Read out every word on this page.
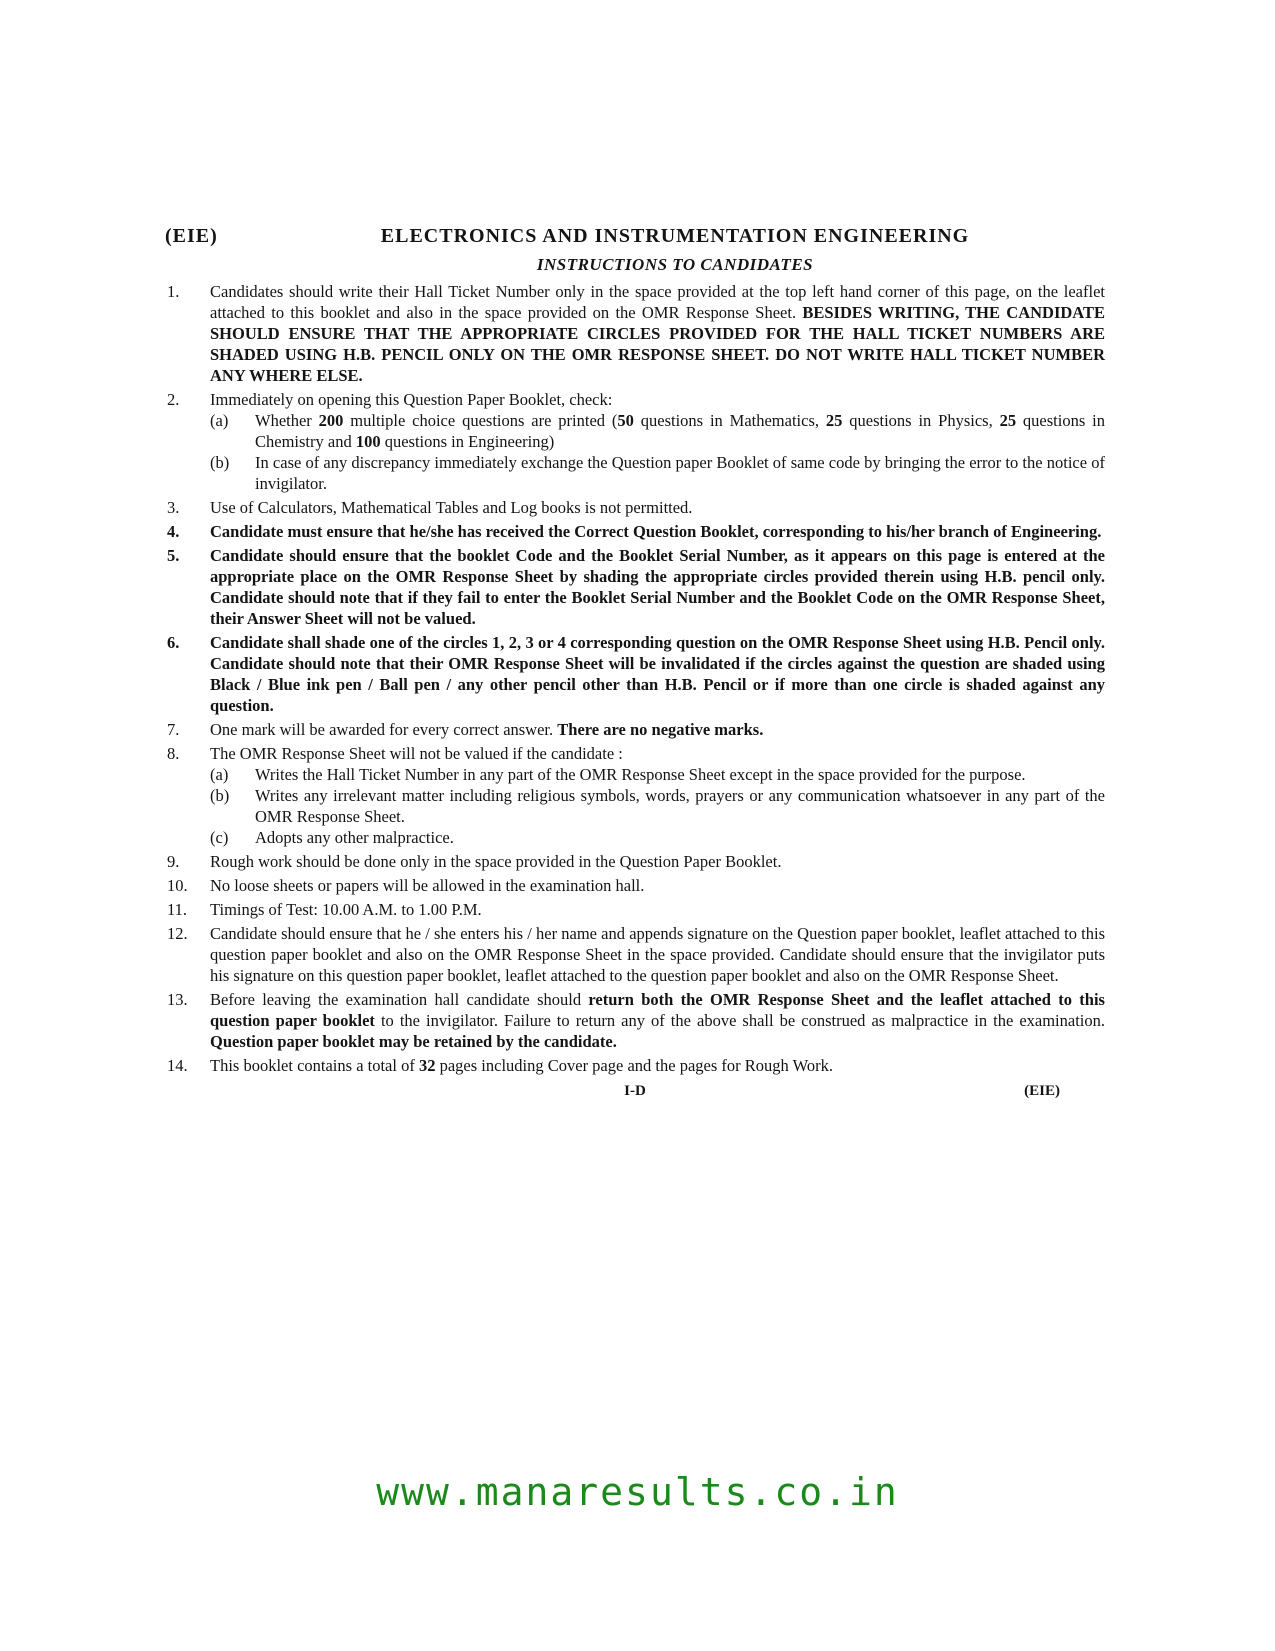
(EIE)	ELECTRONICS AND INSTRUMENTATION ENGINEERING
INSTRUCTIONS TO CANDIDATES
1.	Candidates should write their Hall Ticket Number only in the space provided at the top left hand corner of this page, on the leaflet attached to this booklet and also in the space provided on the OMR Response Sheet. BESIDES WRITING, THE CANDIDATE SHOULD ENSURE THAT THE APPROPRIATE CIRCLES PROVIDED FOR THE HALL TICKET NUMBERS ARE SHADED USING H.B. PENCIL ONLY ON THE OMR RESPONSE SHEET. DO NOT WRITE HALL TICKET NUMBER ANY WHERE ELSE.
2.	Immediately on opening this Question Paper Booklet, check:
(a)	Whether 200 multiple choice questions are printed (50 questions in Mathematics, 25 questions in Physics, 25 questions in Chemistry and 100 questions in Engineering)
(b)	In case of any discrepancy immediately exchange the Question paper Booklet of same code by bringing the error to the notice of invigilator.
3.	Use of Calculators, Mathematical Tables and Log books is not permitted.
4.	Candidate must ensure that he/she has received the Correct Question Booklet, corresponding to his/her branch of Engineering.
5.	Candidate should ensure that the booklet Code and the Booklet Serial Number, as it appears on this page is entered at the appropriate place on the OMR Response Sheet by shading the appropriate circles provided therein using H.B. pencil only. Candidate should note that if they fail to enter the Booklet Serial Number and the Booklet Code on the OMR Response Sheet, their Answer Sheet will not be valued.
6.	Candidate shall shade one of the circles 1, 2, 3 or 4 corresponding question on the OMR Response Sheet using H.B. Pencil only. Candidate should note that their OMR Response Sheet will be invalidated if the circles against the question are shaded using Black / Blue ink pen / Ball pen / any other pencil other than H.B. Pencil or if more than one circle is shaded against any question.
7.	One mark will be awarded for every correct answer. There are no negative marks.
8.	The OMR Response Sheet will not be valued if the candidate :
(a)	Writes the Hall Ticket Number in any part of the OMR Response Sheet except in the space provided for the purpose.
(b)	Writes any irrelevant matter including religious symbols, words, prayers or any communication whatsoever in any part of the OMR Response Sheet.
(c)	Adopts any other malpractice.
9.	Rough work should be done only in the space provided in the Question Paper Booklet.
10.	No loose sheets or papers will be allowed in the examination hall.
11.	Timings of Test: 10.00 A.M. to 1.00 P.M.
12.	Candidate should ensure that he / she enters his / her name and appends signature on the Question paper booklet, leaflet attached to this question paper booklet and also on the OMR Response Sheet in the space provided. Candidate should ensure that the invigilator puts his signature on this question paper booklet, leaflet attached to the question paper booklet and also on the OMR Response Sheet.
13.	Before leaving the examination hall candidate should return both the OMR Response Sheet and the leaflet attached to this question paper booklet to the invigilator. Failure to return any of the above shall be construed as malpractice in the examination. Question paper booklet may be retained by the candidate.
14.	This booklet contains a total of 32 pages including Cover page and the pages for Rough Work.
I-D	(EIE)
www.manaresults.co.in
